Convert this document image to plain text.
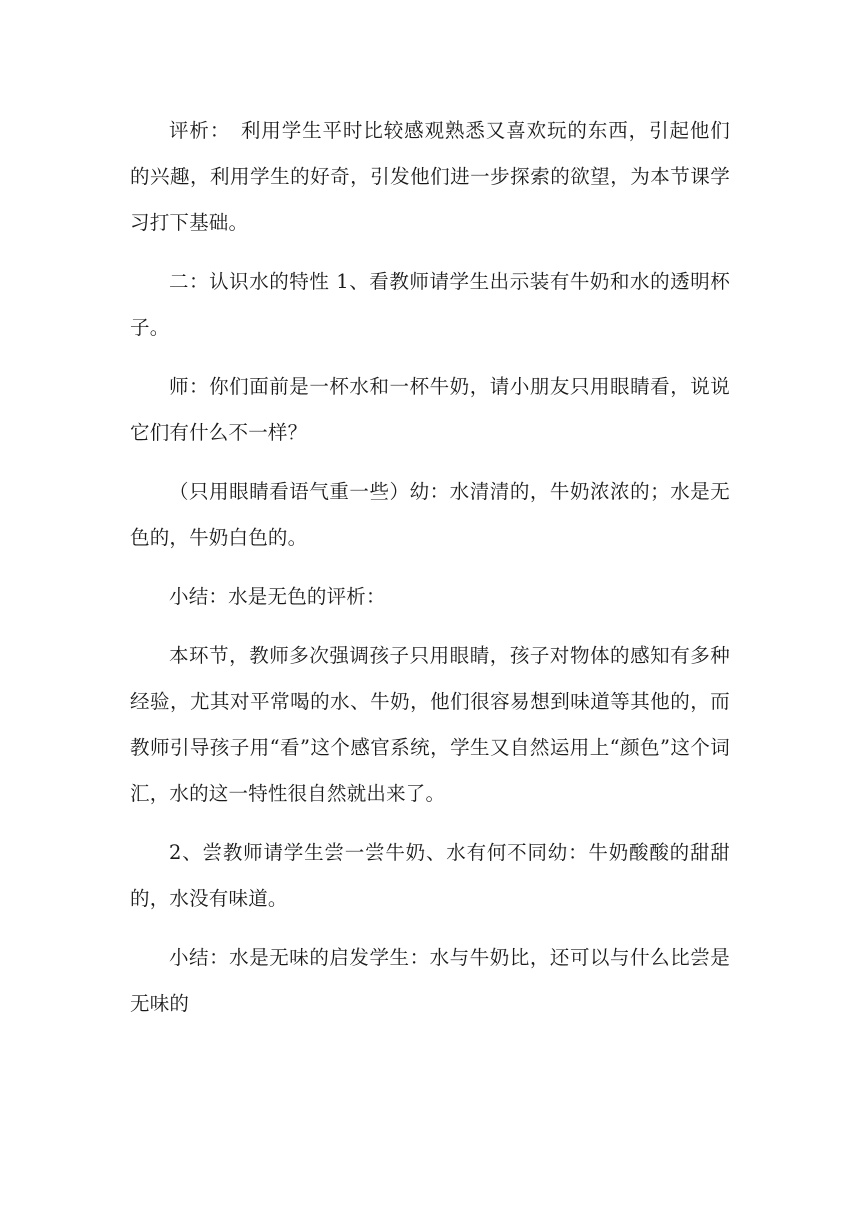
评析：　利用学生平时比较感观熟悉又喜欢玩的东西，引起他们的兴趣，利用学生的好奇，引发他们进一步探索的欲望，为本节课学习打下基础。

二：认识水的特性 1、看教师请学生出示装有牛奶和水的透明杯子。

师：你们面前是一杯水和一杯牛奶，请小朋友只用眼睛看，说说它们有什么不一样？

（只用眼睛看语气重一些）幼：水清清的，牛奶浓浓的；水是无色的，牛奶白色的。

小结：水是无色的评析：

本环节，教师多次强调孩子只用眼睛，孩子对物体的感知有多种经验，尤其对平常喝的水、牛奶，他们很容易想到味道等其他的，而教师引导孩子用“看”这个感官系统，学生又自然运用上“颜色”这个词汇，水的这一特性很自然就出来了。

2、尝教师请学生尝一尝牛奶、水有何不同幼：牛奶酸酸的甜甜的，水没有味道。

小结：水是无味的启发学生：水与牛奶比，还可以与什么比尝是无味的
